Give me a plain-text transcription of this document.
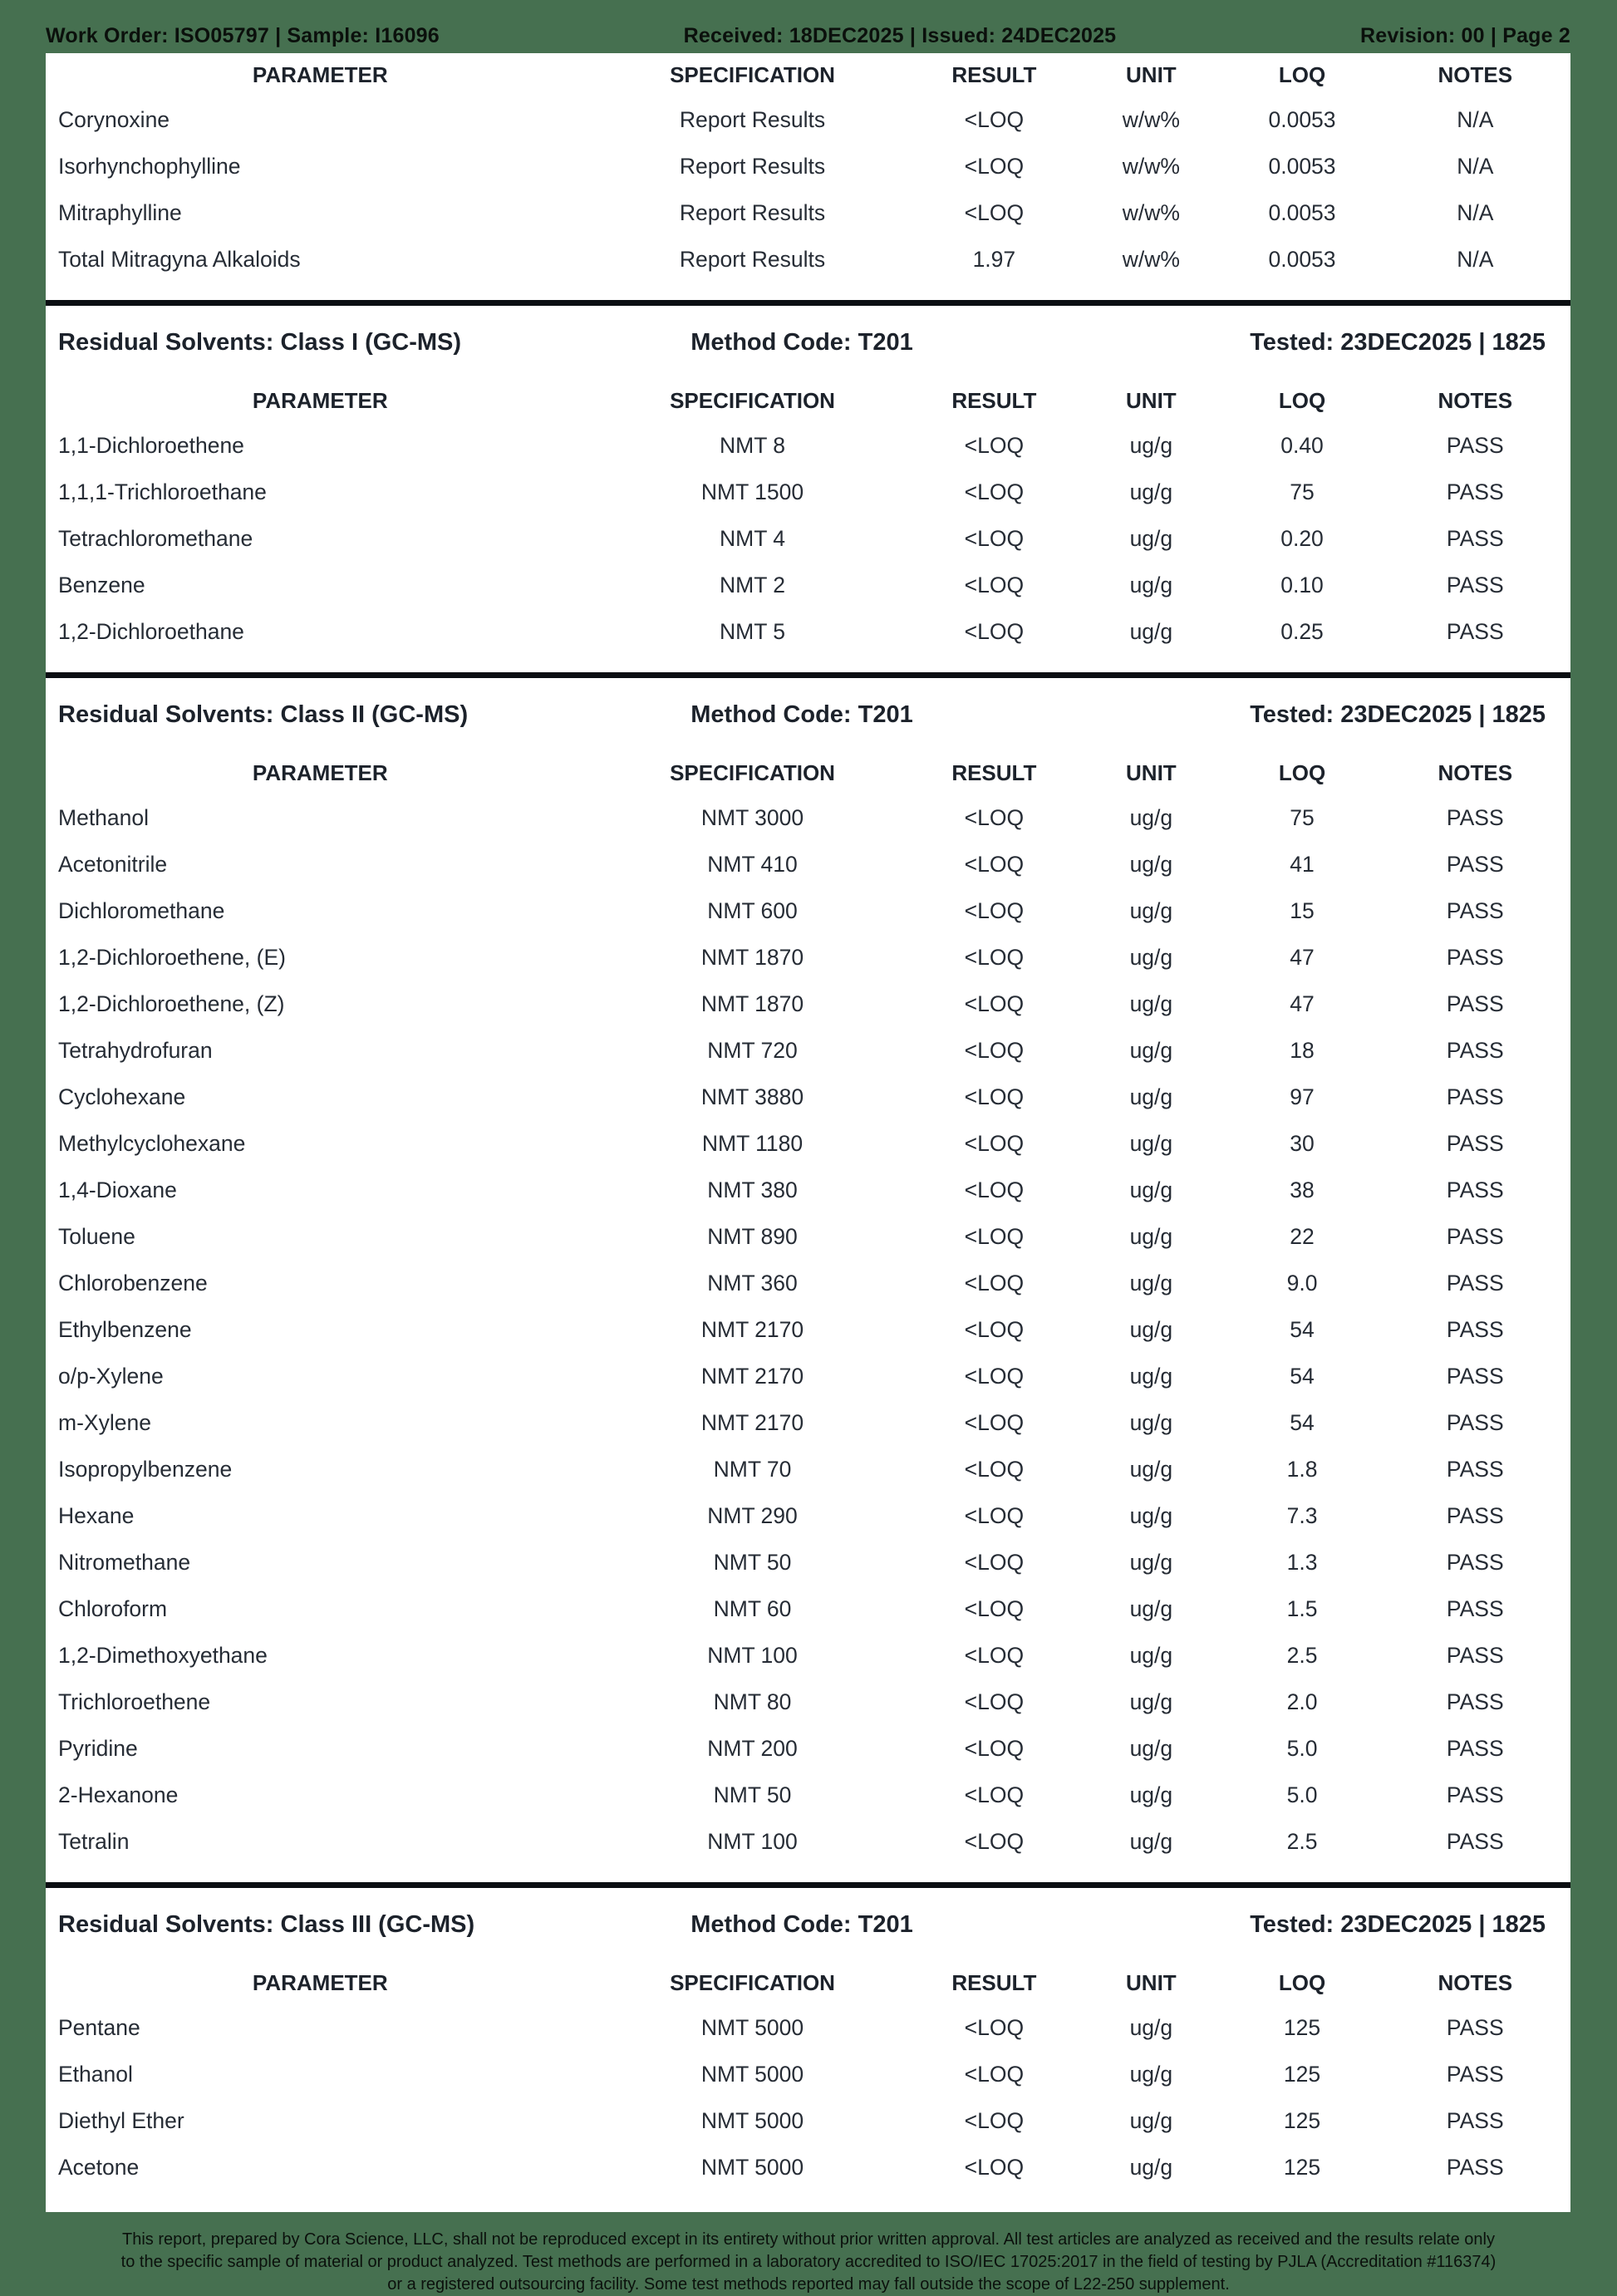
Work Order: ISO05797 | Sample: I16096	Received: 18DEC2025 | Issued: 24DEC2025	Revision: 00 | Page 2
PARAMETER	SPECIFICATION	RESULT	UNIT	LOQ	NOTES
Corynoxine	Report Results	<LOQ	w/w%	0.0053	N/A
Isorhynchophylline	Report Results	<LOQ	w/w%	0.0053	N/A
Mitraphylline	Report Results	<LOQ	w/w%	0.0053	N/A
Total Mitragyna Alkaloids	Report Results	1.97	w/w%	0.0053	N/A
Residual Solvents: Class I (GC-MS)	Method Code: T201	Tested: 23DEC2025 | 1825
PARAMETER	SPECIFICATION	RESULT	UNIT	LOQ	NOTES
1,1-Dichloroethene	NMT 8	<LOQ	ug/g	0.40	PASS
1,1,1-Trichloroethane	NMT 1500	<LOQ	ug/g	75	PASS
Tetrachloromethane	NMT 4	<LOQ	ug/g	0.20	PASS
Benzene	NMT 2	<LOQ	ug/g	0.10	PASS
1,2-Dichloroethane	NMT 5	<LOQ	ug/g	0.25	PASS
Residual Solvents: Class II (GC-MS)	Method Code: T201	Tested: 23DEC2025 | 1825
PARAMETER	SPECIFICATION	RESULT	UNIT	LOQ	NOTES
Methanol	NMT 3000	<LOQ	ug/g	75	PASS
Acetonitrile	NMT 410	<LOQ	ug/g	41	PASS
Dichloromethane	NMT 600	<LOQ	ug/g	15	PASS
1,2-Dichloroethene, (E)	NMT 1870	<LOQ	ug/g	47	PASS
1,2-Dichloroethene, (Z)	NMT 1870	<LOQ	ug/g	47	PASS
Tetrahydrofuran	NMT 720	<LOQ	ug/g	18	PASS
Cyclohexane	NMT 3880	<LOQ	ug/g	97	PASS
Methylcyclohexane	NMT 1180	<LOQ	ug/g	30	PASS
1,4-Dioxane	NMT 380	<LOQ	ug/g	38	PASS
Toluene	NMT 890	<LOQ	ug/g	22	PASS
Chlorobenzene	NMT 360	<LOQ	ug/g	9.0	PASS
Ethylbenzene	NMT 2170	<LOQ	ug/g	54	PASS
o/p-Xylene	NMT 2170	<LOQ	ug/g	54	PASS
m-Xylene	NMT 2170	<LOQ	ug/g	54	PASS
Isopropylbenzene	NMT 70	<LOQ	ug/g	1.8	PASS
Hexane	NMT 290	<LOQ	ug/g	7.3	PASS
Nitromethane	NMT 50	<LOQ	ug/g	1.3	PASS
Chloroform	NMT 60	<LOQ	ug/g	1.5	PASS
1,2-Dimethoxyethane	NMT 100	<LOQ	ug/g	2.5	PASS
Trichloroethene	NMT 80	<LOQ	ug/g	2.0	PASS
Pyridine	NMT 200	<LOQ	ug/g	5.0	PASS
2-Hexanone	NMT 50	<LOQ	ug/g	5.0	PASS
Tetralin	NMT 100	<LOQ	ug/g	2.5	PASS
Residual Solvents: Class III (GC-MS)	Method Code: T201	Tested: 23DEC2025 | 1825
PARAMETER	SPECIFICATION	RESULT	UNIT	LOQ	NOTES
Pentane	NMT 5000	<LOQ	ug/g	125	PASS
Ethanol	NMT 5000	<LOQ	ug/g	125	PASS
Diethyl Ether	NMT 5000	<LOQ	ug/g	125	PASS
Acetone	NMT 5000	<LOQ	ug/g	125	PASS
This report, prepared by Cora Science, LLC, shall not be reproduced except in its entirety without prior written approval. All test articles are analyzed as received and the results relate only
to the specific sample of material or product analyzed. Test methods are performed in a laboratory accredited to ISO/IEC 17025:2017 in the field of testing by PJLA (Accreditation #116374)
or a registered outsourcing facility. Some test methods reported may fall outside the scope of L22-250 supplement.
